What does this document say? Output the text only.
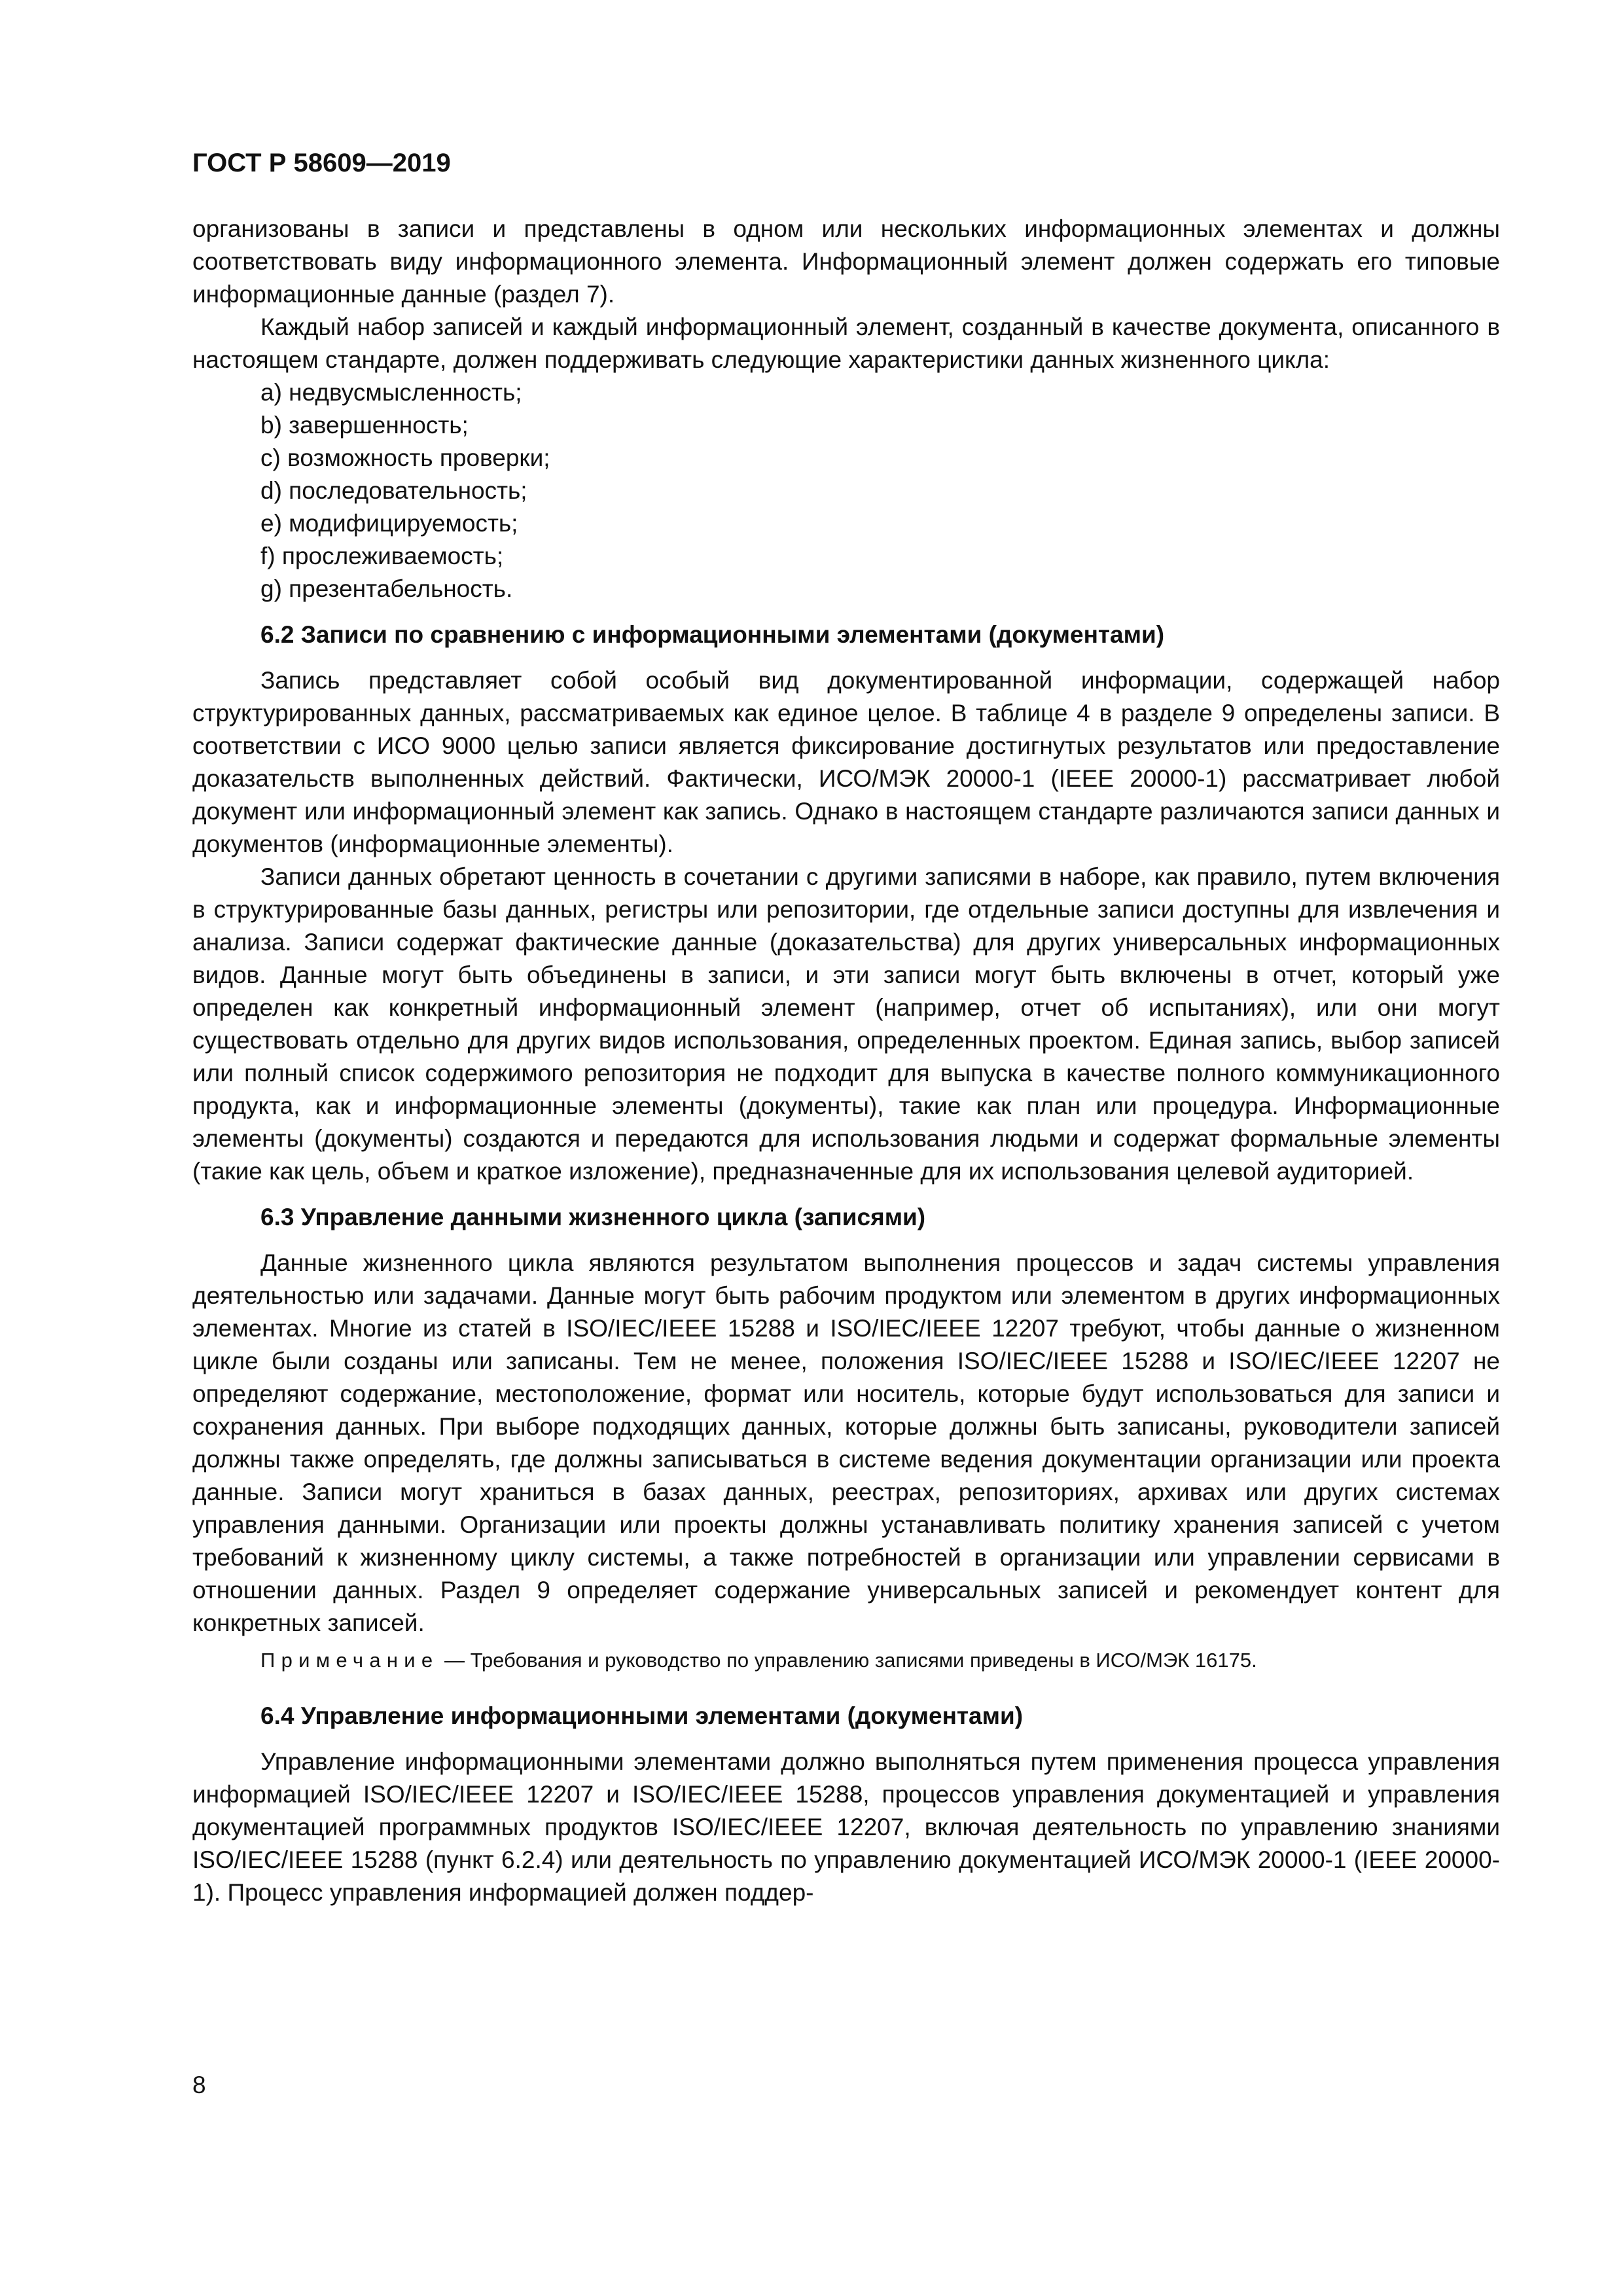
ГОСТ Р 58609—2019

организованы в записи и представлены в одном или нескольких информационных элементах и должны соответствовать виду информационного элемента. Информационный элемент должен содержать его типовые информационные данные (раздел 7).

Каждый набор записей и каждый информационный элемент, созданный в качестве документа, описанного в настоящем стандарте, должен поддерживать следующие характеристики данных жизненного цикла:

a) недвусмысленность;
b) завершенность;
c) возможность проверки;
d) последовательность;
e) модифицируемость;
f) прослеживаемость;
g) презентабельность.
6.2 Записи по сравнению с информационными элементами (документами)

Запись представляет собой особый вид документированной информации, содержащей набор структурированных данных, рассматриваемых как единое целое. В таблице 4 в разделе 9 определены записи. В соответствии с ИСО 9000 целью записи является фиксирование достигнутых результатов или предоставление доказательств выполненных действий. Фактически, ИСО/МЭК 20000-1 (IEEE 20000-1) рассматривает любой документ или информационный элемент как запись. Однако в настоящем стандарте различаются записи данных и документов (информационные элементы).

Записи данных обретают ценность в сочетании с другими записями в наборе, как правило, путем включения в структурированные базы данных, регистры или репозитории, где отдельные записи доступны для извлечения и анализа. Записи содержат фактические данные (доказательства) для других универсальных информационных видов. Данные могут быть объединены в записи, и эти записи могут быть включены в отчет, который уже определен как конкретный информационный элемент (например, отчет об испытаниях), или они могут существовать отдельно для других видов использования, определенных проектом. Единая запись, выбор записей или полный список содержимого репозитория не подходит для выпуска в качестве полного коммуникационного продукта, как и информационные элементы (документы), такие как план или процедура. Информационные элементы (документы) создаются и передаются для использования людьми и содержат формальные элементы (такие как цель, объем и краткое изложение), предназначенные для их использования целевой аудиторией.

6.3 Управление данными жизненного цикла (записями)

Данные жизненного цикла являются результатом выполнения процессов и задач системы управления деятельностью или задачами. Данные могут быть рабочим продуктом или элементом в других информационных элементах. Многие из статей в ISO/IEC/IEEE 15288 и ISO/IEC/IEEE 12207 требуют, чтобы данные о жизненном цикле были созданы или записаны. Тем не менее, положения ISO/IEC/IEEE 15288 и ISO/IEC/IEEE 12207 не определяют содержание, местоположение, формат или носитель, которые будут использоваться для записи и сохранения данных. При выборе подходящих данных, которые должны быть записаны, руководители записей должны также определять, где должны записываться в системе ведения документации организации или проекта данные. Записи могут храниться в базах данных, реестрах, репозиториях, архивах или других системах управления данными. Организации или проекты должны устанавливать политику хранения записей с учетом требований к жизненному циклу системы, а также потребностей в организации или управлении сервисами в отношении данных. Раздел 9 определяет содержание универсальных записей и рекомендует контент для конкретных записей.

Примечание — Требования и руководство по управлению записями приведены в ИСО/МЭК 16175.
6.4 Управление информационными элементами (документами)

Управление информационными элементами должно выполняться путем применения процесса управления информацией ISO/IEC/IEEE 12207 и ISO/IEC/IEEE 15288, процессов управления документацией и управления документацией программных продуктов ISO/IEC/IEEE 12207, включая деятельность по управлению знаниями ISO/IEC/IEEE 15288 (пункт 6.2.4) или деятельность по управлению документацией ИСО/МЭК 20000-1 (IEEE 20000-1). Процесс управления информацией должен поддер-

8
